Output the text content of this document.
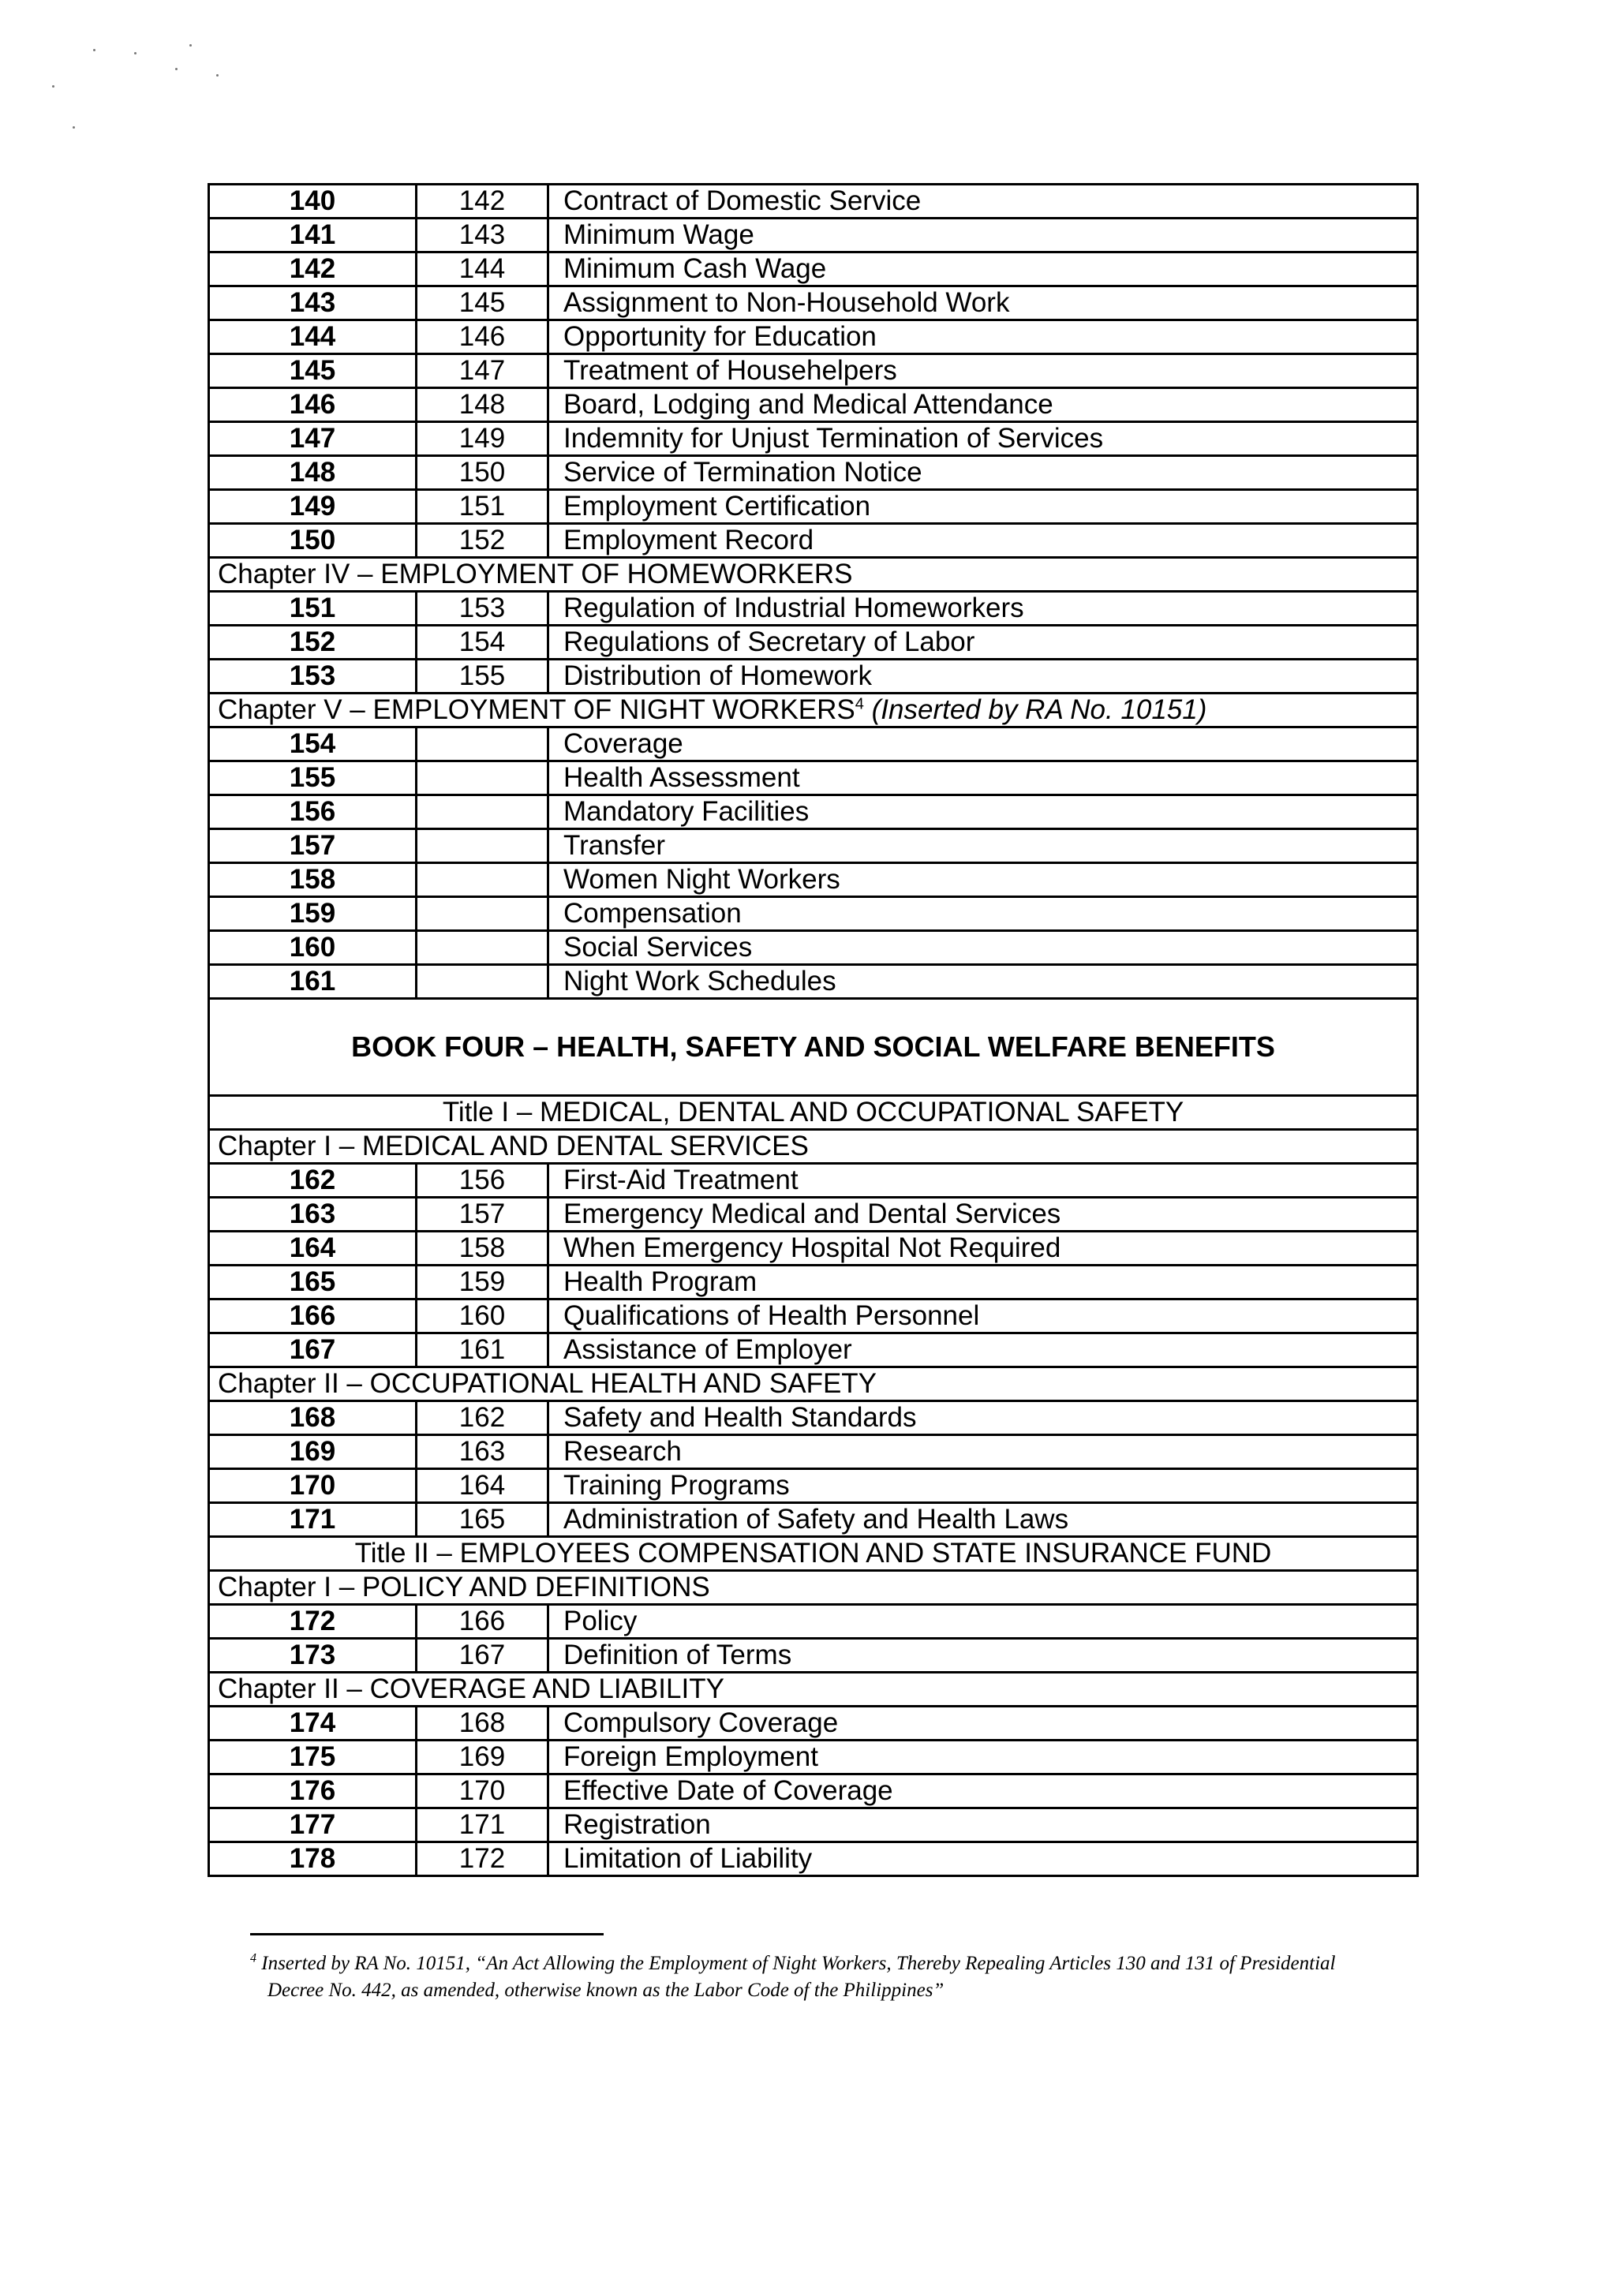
140	142	Contract of Domestic Service
141	143	Minimum Wage
142	144	Minimum Cash Wage
143	145	Assignment to Non-Household Work
144	146	Opportunity for Education
145	147	Treatment of Househelpers
146	148	Board, Lodging and Medical Attendance
147	149	Indemnity for Unjust Termination of Services
148	150	Service of Termination Notice
149	151	Employment Certification
150	152	Employment Record
Chapter IV – EMPLOYMENT OF HOMEWORKERS		
151	153	Regulation of Industrial Homeworkers
152	154	Regulations of Secretary of Labor
153	155	Distribution of Homework
Chapter V – EMPLOYMENT OF NIGHT WORKERS$^4$ (Inserted by RA No. 10151)		
154		Coverage
155		Health Assessment
156		Mandatory Facilities
157		Transfer
158		Women Night Workers
159		Compensation
160		Social Services
161		Night Work Schedules
BOOK FOUR – HEALTH, SAFETY AND SOCIAL WELFARE BENEFITS		
Title I – MEDICAL, DENTAL AND OCCUPATIONAL SAFETY		
Chapter I – MEDICAL AND DENTAL SERVICES		
162	156	First-Aid Treatment
163	157	Emergency Medical and Dental Services
164	158	When Emergency Hospital Not Required
165	159	Health Program
166	160	Qualifications of Health Personnel
167	161	Assistance of Employer
Chapter II – OCCUPATIONAL HEALTH AND SAFETY		
168	162	Safety and Health Standards
169	163	Research
170	164	Training Programs
171	165	Administration of Safety and Health Laws
Title II – EMPLOYEES COMPENSATION AND STATE INSURANCE FUND		
Chapter I – POLICY AND DEFINITIONS		
172	166	Policy
173	167	Definition of Terms
Chapter II – COVERAGE AND LIABILITY		
174	168	Compulsory Coverage
175	169	Foreign Employment
176	170	Effective Date of Coverage
177	171	Registration
178	172	Limitation of Liability
$^4$ Inserted by RA No. 10151, “An Act Allowing the Employment of Night Workers, Thereby Repealing Articles 130 and 131 of Presidential
Decree No. 442, as amended, otherwise known as the Labor Code of the Philippines”
